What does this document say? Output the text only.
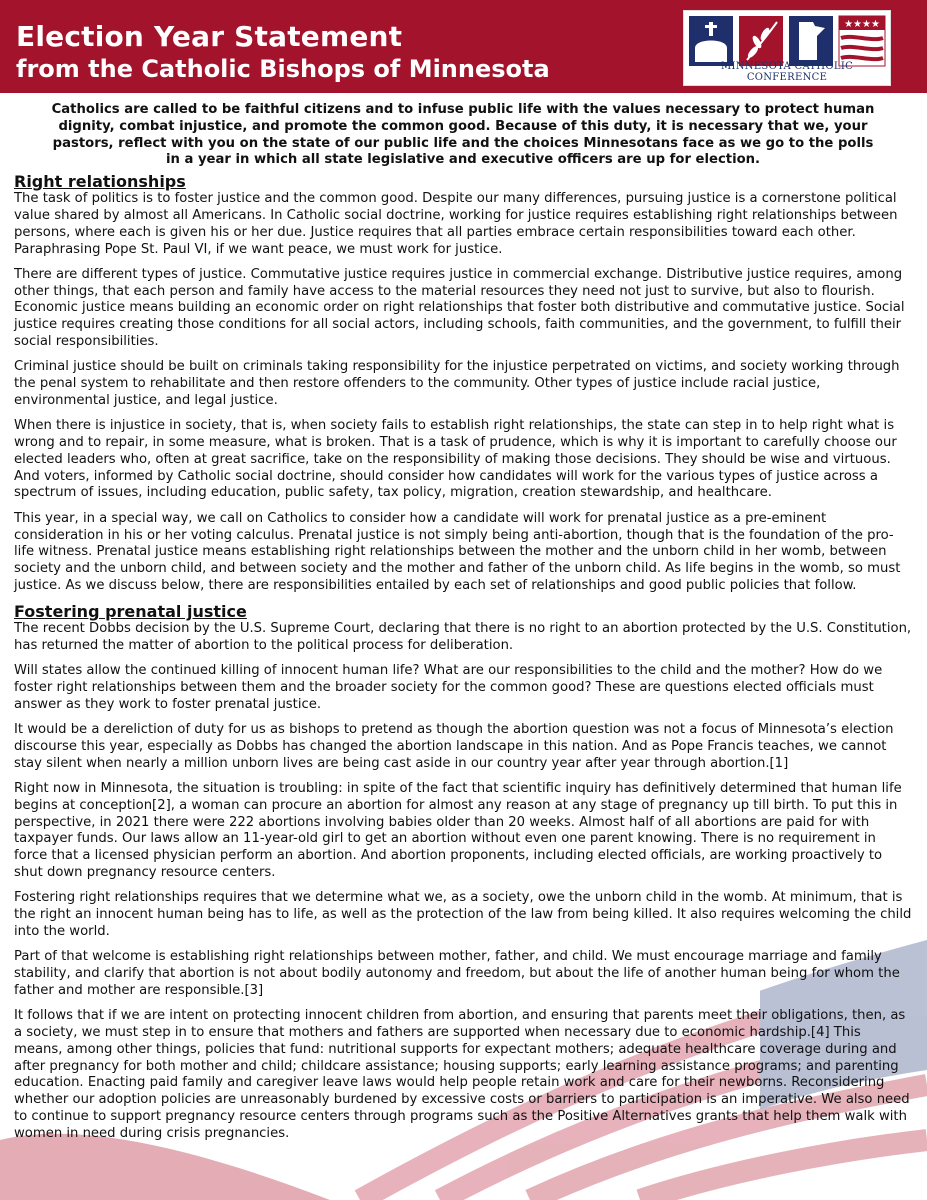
Election Year Statement
from the Catholic Bishops of Minnesota
★★★★
MINNESOTA CATHOLIC CONFERENCE

Catholics are called to be faithful citizens and to infuse public life with the values necessary to protect human dignity, combat injustice, and promote the common good. Because of this duty, it is necessary that we, your pastors, reflect with you on the state of our public life and the choices Minnesotans face as we go to the polls in a year in which all state legislative and executive officers are up for election.

Right relationships

The task of politics is to foster justice and the common good. Despite our many differences, pursuing justice is a cornerstone political value shared by almost all Americans. In Catholic social doctrine, working for justice requires establishing right relationships between persons, where each is given his or her due. Justice requires that all parties embrace certain responsibilities toward each other. Paraphrasing Pope St. Paul VI, if we want peace, we must work for justice.

There are different types of justice. Commutative justice requires justice in commercial exchange. Distributive justice requires, among other things, that each person and family have access to the material resources they need not just to survive, but also to flourish. Economic justice means building an economic order on right relationships that foster both distributive and commutative justice. Social justice requires creating those conditions for all social actors, including schools, faith communities, and the government, to fulfill their social responsibilities.

Criminal justice should be built on criminals taking responsibility for the injustice perpetrated on victims, and society working through the penal system to rehabilitate and then restore offenders to the community. Other types of justice include racial justice, environmental justice, and legal justice.

When there is injustice in society, that is, when society fails to establish right relationships, the state can step in to help right what is wrong and to repair, in some measure, what is broken. That is a task of prudence, which is why it is important to carefully choose our elected leaders who, often at great sacrifice, take on the responsibility of making those decisions. They should be wise and virtuous. And voters, informed by Catholic social doctrine, should consider how candidates will work for the various types of justice across a spectrum of issues, including education, public safety, tax policy, migration, creation stewardship, and healthcare.

This year, in a special way, we call on Catholics to consider how a candidate will work for prenatal justice as a pre-eminent consideration in his or her voting calculus. Prenatal justice is not simply being anti-abortion, though that is the foundation of the pro-life witness. Prenatal justice means establishing right relationships between the mother and the unborn child in her womb, between society and the unborn child, and between society and the mother and father of the unborn child. As life begins in the womb, so must justice. As we discuss below, there are responsibilities entailed by each set of relationships and good public policies that follow.

Fostering prenatal justice

The recent Dobbs decision by the U.S. Supreme Court, declaring that there is no right to an abortion protected by the U.S. Constitution, has returned the matter of abortion to the political process for deliberation.

Will states allow the continued killing of innocent human life? What are our responsibilities to the child and the mother? How do we foster right relationships between them and the broader society for the common good? These are questions elected officials must answer as they work to foster prenatal justice.

It would be a dereliction of duty for us as bishops to pretend as though the abortion question was not a focus of Minnesota’s election discourse this year, especially as Dobbs has changed the abortion landscape in this nation. And as Pope Francis teaches, we cannot stay silent when nearly a million unborn lives are being cast aside in our country year after year through abortion.[1]

Right now in Minnesota, the situation is troubling: in spite of the fact that scientific inquiry has definitively determined that human life begins at conception[2], a woman can procure an abortion for almost any reason at any stage of pregnancy up till birth. To put this in perspective, in 2021 there were 222 abortions involving babies older than 20 weeks. Almost half of all abortions are paid for with taxpayer funds. Our laws allow an 11-year-old girl to get an abortion without even one parent knowing. There is no requirement in force that a licensed physician perform an abortion. And abortion proponents, including elected officials, are working proactively to shut down pregnancy resource centers.

Fostering right relationships requires that we determine what we, as a society, owe the unborn child in the womb. At minimum, that is the right an innocent human being has to life, as well as the protection of the law from being killed. It also requires welcoming the child into the world.

Part of that welcome is establishing right relationships between mother, father, and child. We must encourage marriage and family stability, and clarify that abortion is not about bodily autonomy and freedom, but about the life of another human being for whom the father and mother are responsible.[3]

It follows that if we are intent on protecting innocent children from abortion, and ensuring that parents meet their obligations, then, as a society, we must step in to ensure that mothers and fathers are supported when necessary due to economic hardship.[4] This means, among other things, policies that fund: nutritional supports for expectant mothers; adequate healthcare coverage during and after pregnancy for both mother and child; childcare assistance; housing supports; early learning assistance programs; and parenting education. Enacting paid family and caregiver leave laws would help people retain work and care for their newborns. Reconsidering whether our adoption policies are unreasonably burdened by excessive costs or barriers to participation is an imperative. We also need to continue to support pregnancy resource centers through programs such as the Positive Alternatives grants that help them walk with women in need during crisis pregnancies.
